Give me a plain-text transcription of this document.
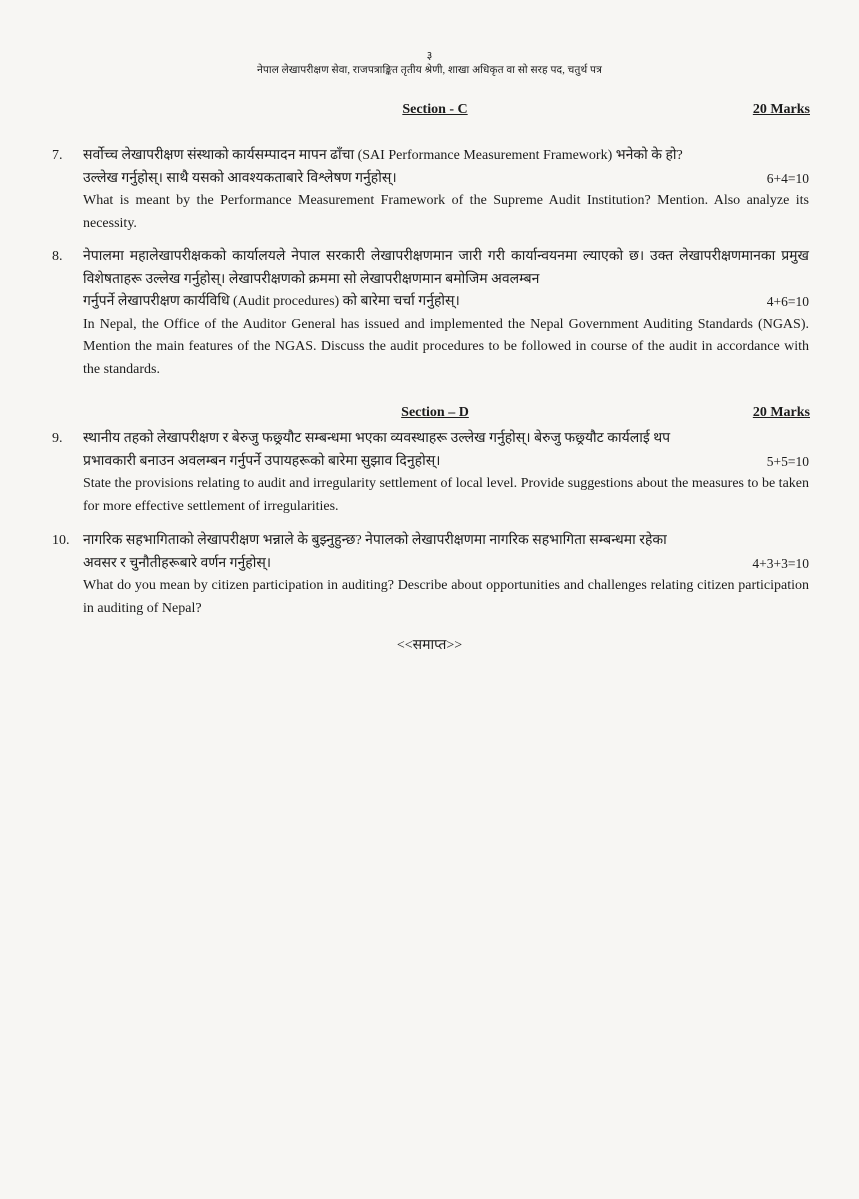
३
नेपाल लेखापरीक्षण सेवा, राजपत्राङ्कित तृतीय श्रेणी, शाखा अधिकृत वा सो सरह पद, चतुर्थ पत्र
Section - C	20 Marks
7.	सर्वोच्च लेखापरीक्षण संस्थाको कार्यसम्पादन मापन ढाँचा (SAI Performance Measurement Framework) भनेको के हो?
उल्लेख गर्नुहोस्। साथै यसको आवश्यकताबारे विश्लेषण गर्नुहोस्।	6+4=10
What is meant by the Performance Measurement Framework of the Supreme Audit Institution? Mention. Also analyze its necessity.
8.	नेपालमा महालेखापरीक्षकको कार्यालयले नेपाल सरकारी लेखापरीक्षणमान जारी गरी कार्यान्वयनमा ल्याएको छ। उक्त लेखापरीक्षणमानका प्रमुख विशेषताहरू उल्लेख गर्नुहोस्। लेखापरीक्षणको क्रममा सो लेखापरीक्षणमान बमोजिम अवलम्बन
गर्नुपर्ने लेखापरीक्षण कार्यविधि (Audit procedures) को बारेमा चर्चा गर्नुहोस्।	4+6=10
In Nepal, the Office of the Auditor General has issued and implemented the Nepal Government Auditing Standards (NGAS). Mention the main features of the NGAS. Discuss the audit procedures to be followed in course of the audit in accordance with the standards.
Section – D	20 Marks
9.	स्थानीय तहको लेखापरीक्षण र बेरुजु फछ्र्यौट सम्बन्धमा भएका व्यवस्थाहरू उल्लेख गर्नुहोस्। बेरुजु फछ्र्यौट कार्यलाई थप
प्रभावकारी बनाउन अवलम्बन गर्नुपर्ने उपायहरूको बारेमा सुझाव दिनुहोस्।	5+5=10
State the provisions relating to audit and irregularity settlement of local level. Provide suggestions about the measures to be taken for more effective settlement of irregularities.
10. नागरिक सहभागिताको लेखापरीक्षण भन्नाले के बुझ्नुहुन्छ? नेपालको लेखापरीक्षणमा नागरिक सहभागिता सम्बन्धमा रहेका
अवसर र चुनौतीहरूबारे वर्णन गर्नुहोस्।	4+3+3=10
What do you mean by citizen participation in auditing? Describe about opportunities and challenges relating citizen participation in auditing of Nepal?
<<समाप्त>>
